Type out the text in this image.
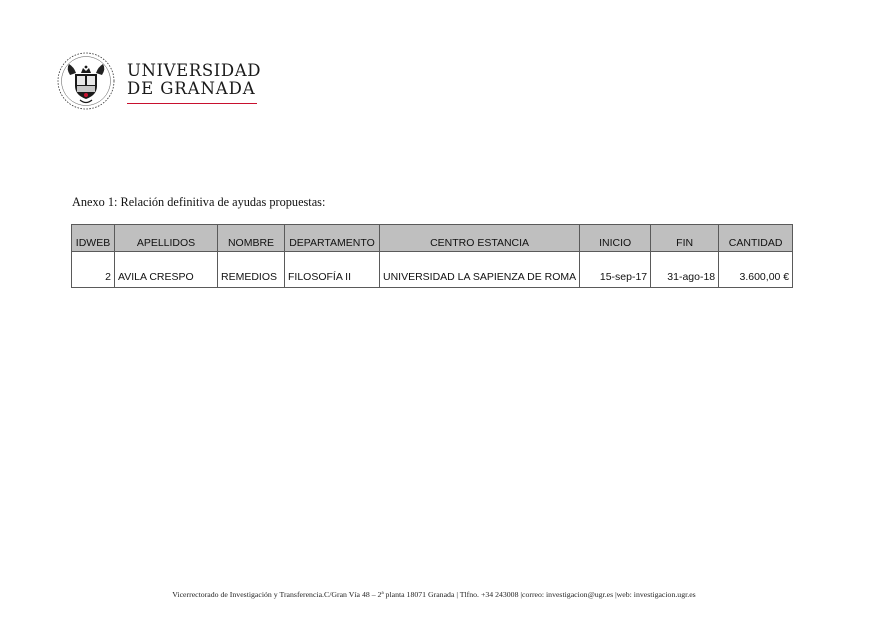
UNIVERSIDAD
DE GRANADA
Anexo 1: Relación definitiva de ayudas propuestas:
IDWEB	APELLIDOS	NOMBRE	DEPARTAMENTO	CENTRO ESTANCIA	INICIO	FIN	CANTIDAD
2	AVILA CRESPO	REMEDIOS	FILOSOFÍA II	UNIVERSIDAD LA SAPIENZA DE ROMA	15-sep-17	31-ago-18	3.600,00 €
Vicerrectorado de Investigación y Transferencia.C/Gran Vía 48 – 2ª planta 18071 Granada | Tlfno. +34 243008 |correo: investigacion@ugr.es |web: investigacion.ugr.es
